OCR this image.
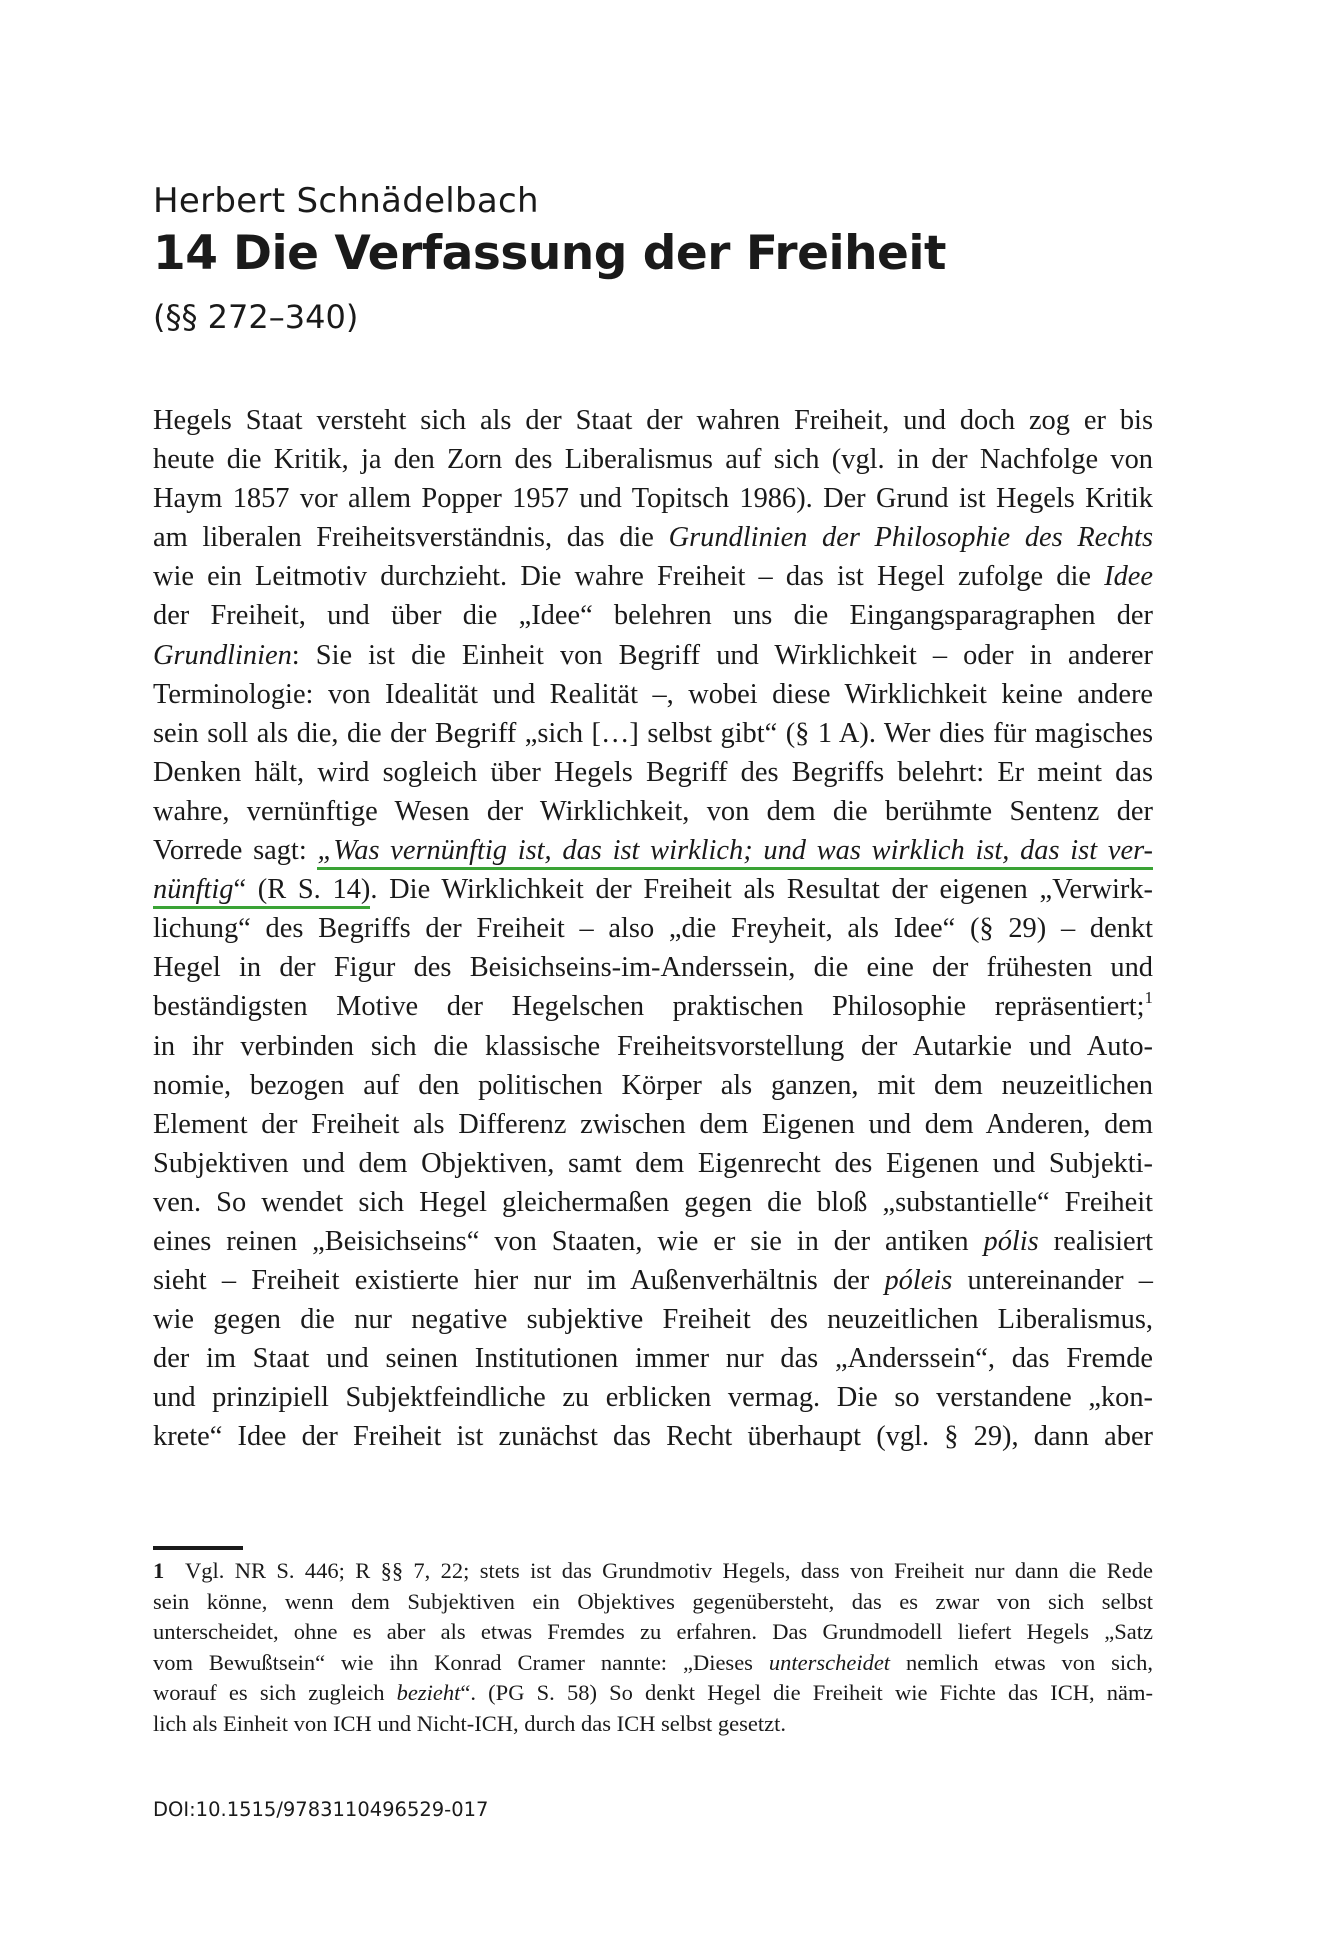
Herbert Schnädelbach

14 Die Verfassung der Freiheit

(§§ 272–340)

Hegels Staat versteht sich als der Staat der wahren Freiheit, und doch zog er bis
heute die Kritik, ja den Zorn des Liberalismus auf sich (vgl. in der Nachfolge von
Haym 1857 vor allem Popper 1957 und Topitsch 1986). Der Grund ist Hegels Kritik
am liberalen Freiheitsverständnis, das die Grundlinien der Philosophie des Rechts
wie ein Leitmotiv durchzieht. Die wahre Freiheit – das ist Hegel zufolge die Idee
der Freiheit, und über die „Idee“ belehren uns die Eingangsparagraphen der
Grundlinien: Sie ist die Einheit von Begriff und Wirklichkeit – oder in anderer
Terminologie: von Idealität und Realität –, wobei diese Wirklichkeit keine andere
sein soll als die, die der Begriff „sich […] selbst gibt“ (§ 1 A). Wer dies für magisches
Denken hält, wird sogleich über Hegels Begriff des Begriffs belehrt: Er meint das
wahre, vernünftige Wesen der Wirklichkeit, von dem die berühmte Sentenz der
Vorrede sagt: „Was vernünftig ist, das ist wirklich; und was wirklich ist, das ist ver-
nünftig“ (R S. 14). Die Wirklichkeit der Freiheit als Resultat der eigenen „Verwirk-
lichung“ des Begriffs der Freiheit – also „die Freyheit, als Idee“ (§ 29) – denkt
Hegel in der Figur des Beisichseins-im-Anderssein, die eine der frühesten und
beständigsten Motive der Hegelschen praktischen Philosophie repräsentiert;$^1$
in ihr verbinden sich die klassische Freiheitsvorstellung der Autarkie und Auto-
nomie, bezogen auf den politischen Körper als ganzen, mit dem neuzeitlichen
Element der Freiheit als Differenz zwischen dem Eigenen und dem Anderen, dem
Subjektiven und dem Objektiven, samt dem Eigenrecht des Eigenen und Subjekti-
ven. So wendet sich Hegel gleichermaßen gegen die bloß „substantielle“ Freiheit
eines reinen „Beisichseins“ von Staaten, wie er sie in der antiken pólis realisiert
sieht – Freiheit existierte hier nur im Außenverhältnis der póleis untereinander –
wie gegen die nur negative subjektive Freiheit des neuzeitlichen Liberalismus,
der im Staat und seinen Institutionen immer nur das „Anderssein“, das Fremde
und prinzipiell Subjektfeindliche zu erblicken vermag. Die so verstandene „kon-
krete“ Idee der Freiheit ist zunächst das Recht überhaupt (vgl. § 29), dann aber
1  Vgl. NR S. 446; R §§ 7, 22; stets ist das Grundmotiv Hegels, dass von Freiheit nur dann die Rede
sein könne, wenn dem Subjektiven ein Objektives gegenübersteht, das es zwar von sich selbst
unterscheidet, ohne es aber als etwas Fremdes zu erfahren. Das Grundmodell liefert Hegels „Satz
vom Bewußtsein“ wie ihn Konrad Cramer nannte: „Dieses unterscheidet nemlich etwas von sich,
worauf es sich zugleich bezieht“. (PG S. 58) So denkt Hegel die Freiheit wie Fichte das ICH, näm-
lich als Einheit von ICH und Nicht-ICH, durch das ICH selbst gesetzt.

DOI:10.1515/9783110496529-017
